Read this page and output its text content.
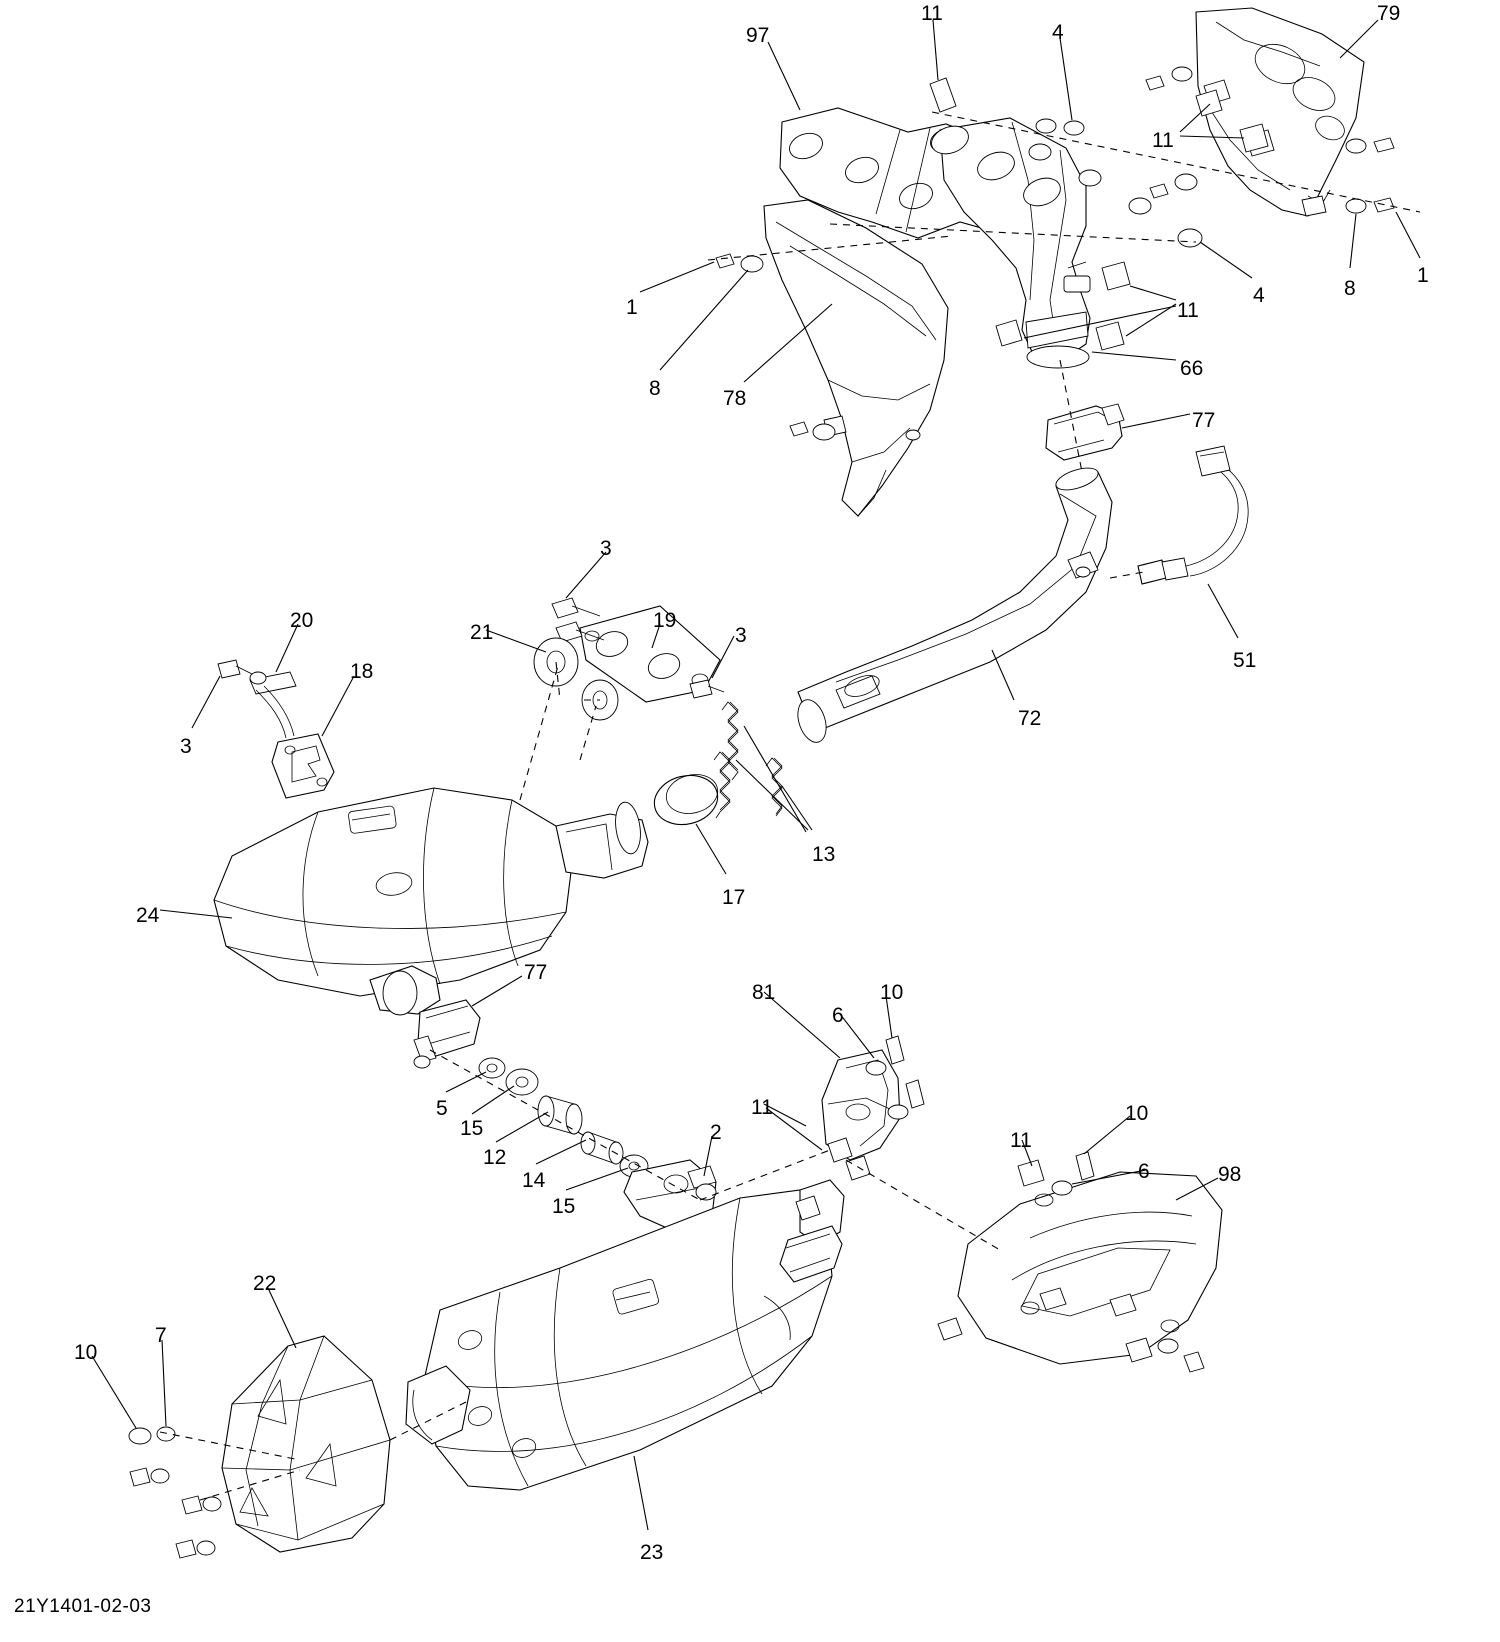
97
11
4
79
11
1
8
4
11
1
66
8	78
77
3
51
19
21	3
20
18
72
3
13
17
24
77
81
6
10
5
15
12
14
15
2
11
11
10
6	98
22
7
10
23
21Y1401-02-03
